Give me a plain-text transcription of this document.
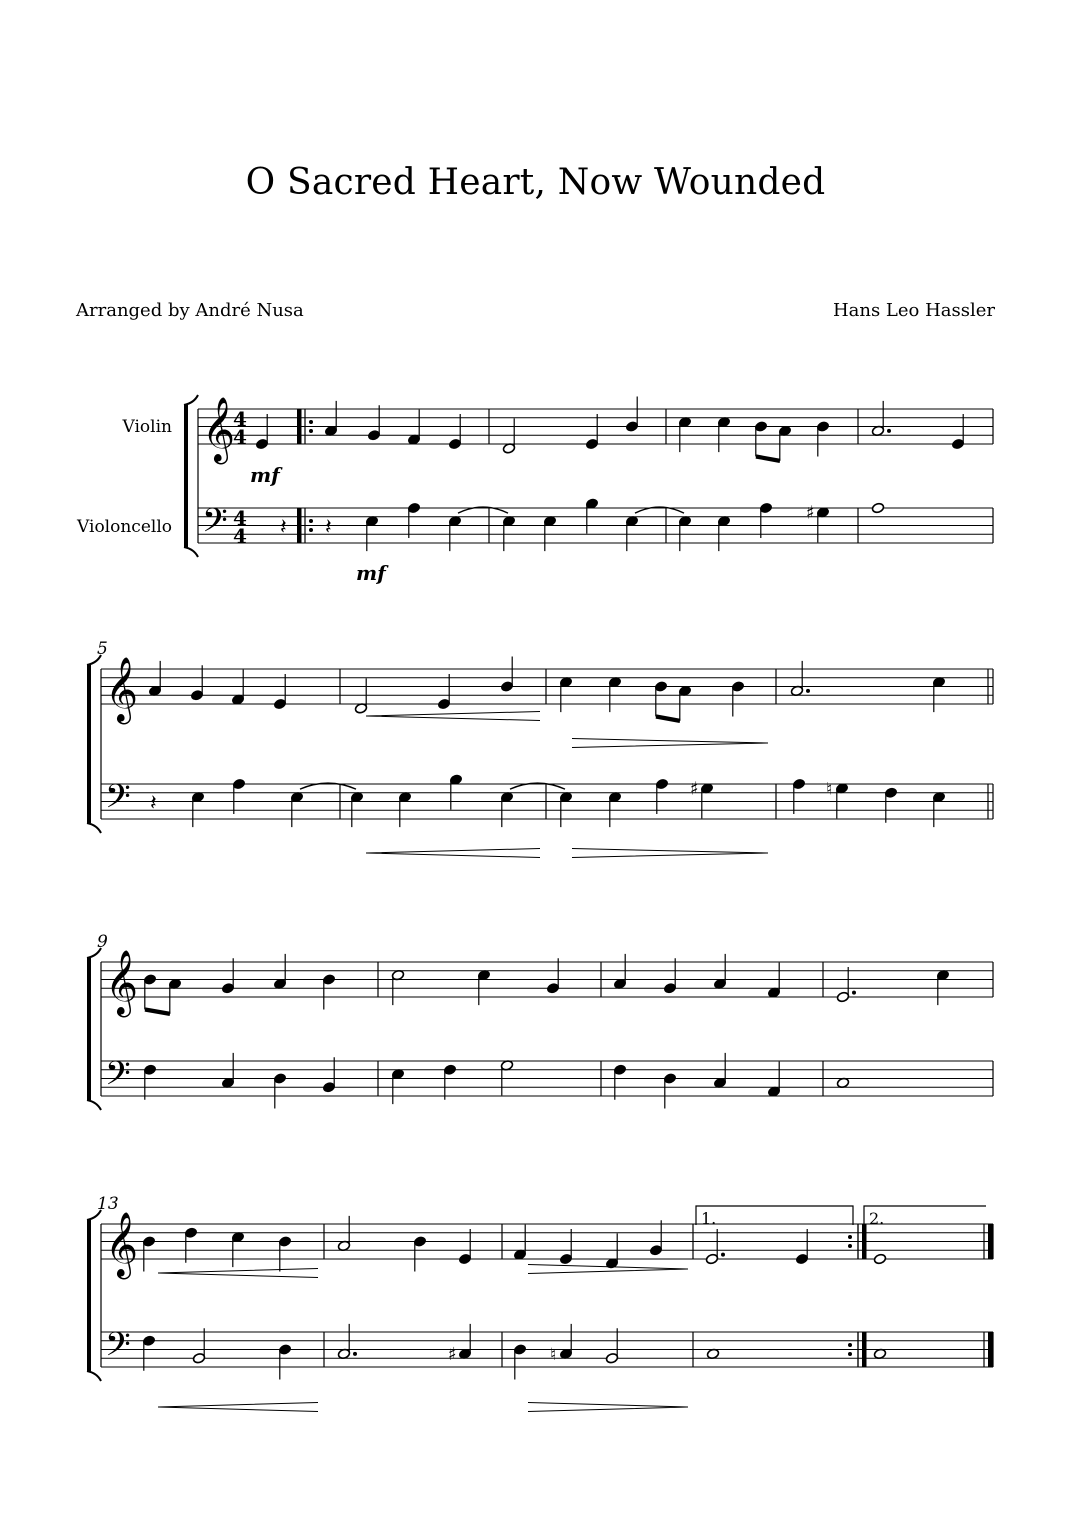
O Sacred Heart, Now Wounded
Arranged by André Nusa	Hans Leo Hassler
𝄞
𝄢
𝄞
𝄢
5
𝄞
𝄢
9
𝄞
𝄢
13
Violin
Violoncello
4
4
4
4
mf
mf
1.	2.
𝄽 𝄽
♯
𝄽
♯	♮
♯	♮
